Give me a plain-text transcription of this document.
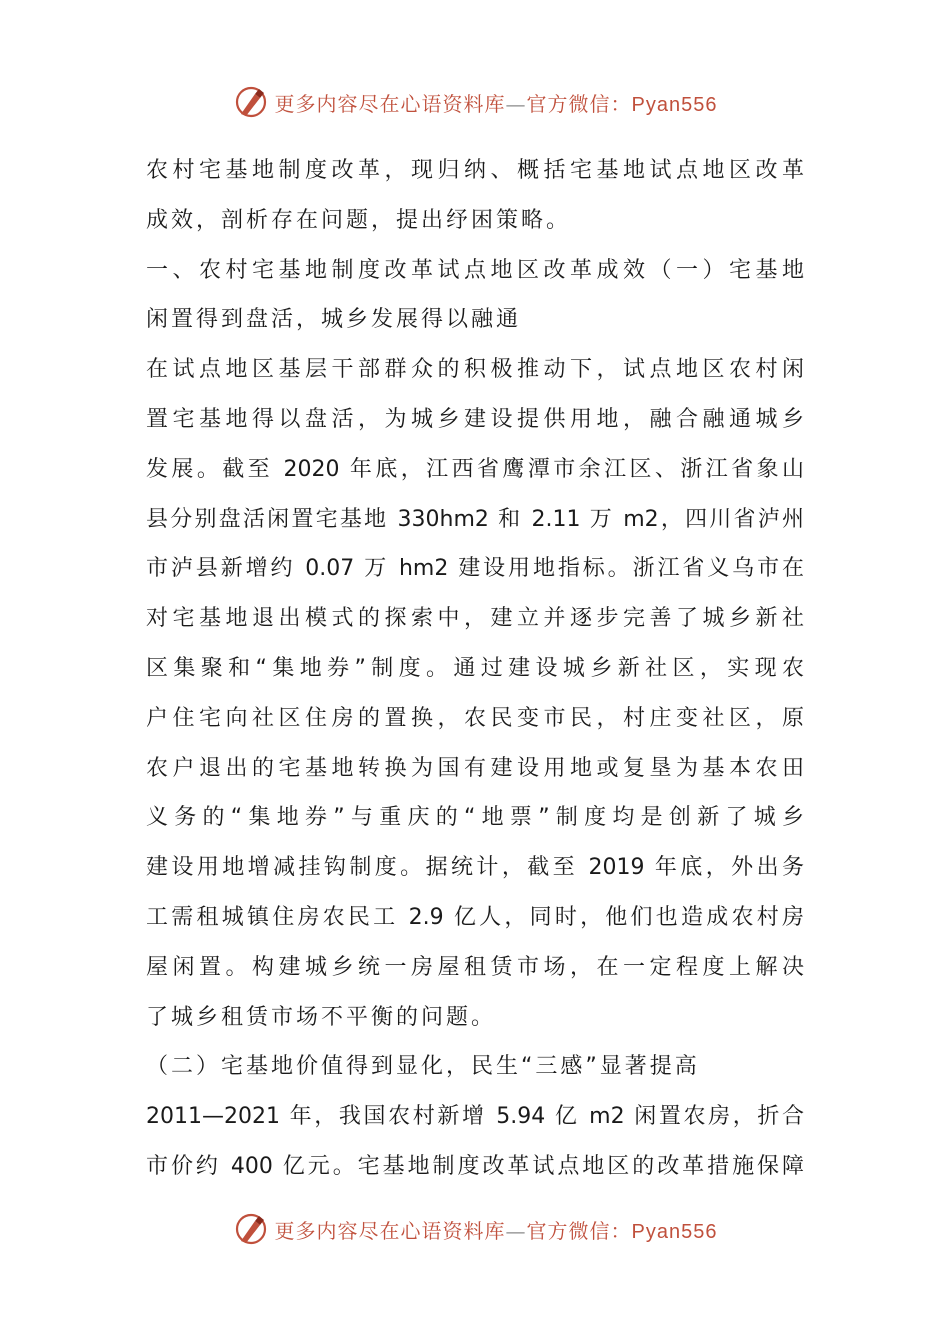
更多内容尽在心语资料库—官方微信：Pyan556
农村宅基地制度改革，现归纳、概括宅基地试点地区改革
成效，剖析存在问题，提出纾困策略。
一、农村宅基地制度改革试点地区改革成效（一）宅基地
闲置得到盘活，城乡发展得以融通
在试点地区基层干部群众的积极推动下，试点地区农村闲
置宅基地得以盘活，为城乡建设提供用地，融合融通城乡
发展。截至 2020 年底，江西省鹰潭市余江区、浙江省象山
县分别盘活闲置宅基地 330hm2 和 2.11 万 m2，四川省泸州
市泸县新增约 0.07 万 hm2 建设用地指标。浙江省义乌市在
对宅基地退出模式的探索中，建立并逐步完善了城乡新社
区集聚和“集地券”制度。通过建设城乡新社区，实现农
户住宅向社区住房的置换，农民变市民，村庄变社区，原
农户退出的宅基地转换为国有建设用地或复垦为基本农田
义务的“集地券”与重庆的“地票”制度均是创新了城乡
建设用地增减挂钩制度。据统计，截至 2019 年底，外出务
工需租城镇住房农民工 2.9 亿人，同时，他们也造成农村房
屋闲置。构建城乡统一房屋租赁市场，在一定程度上解决
了城乡租赁市场不平衡的问题。
（二）宅基地价值得到显化，民生“三感”显著提高
2011—2021 年，我国农村新增 5.94 亿 m2 闲置农房，折合
市价约 400 亿元。宅基地制度改革试点地区的改革措施保障
更多内容尽在心语资料库—官方微信：Pyan556
